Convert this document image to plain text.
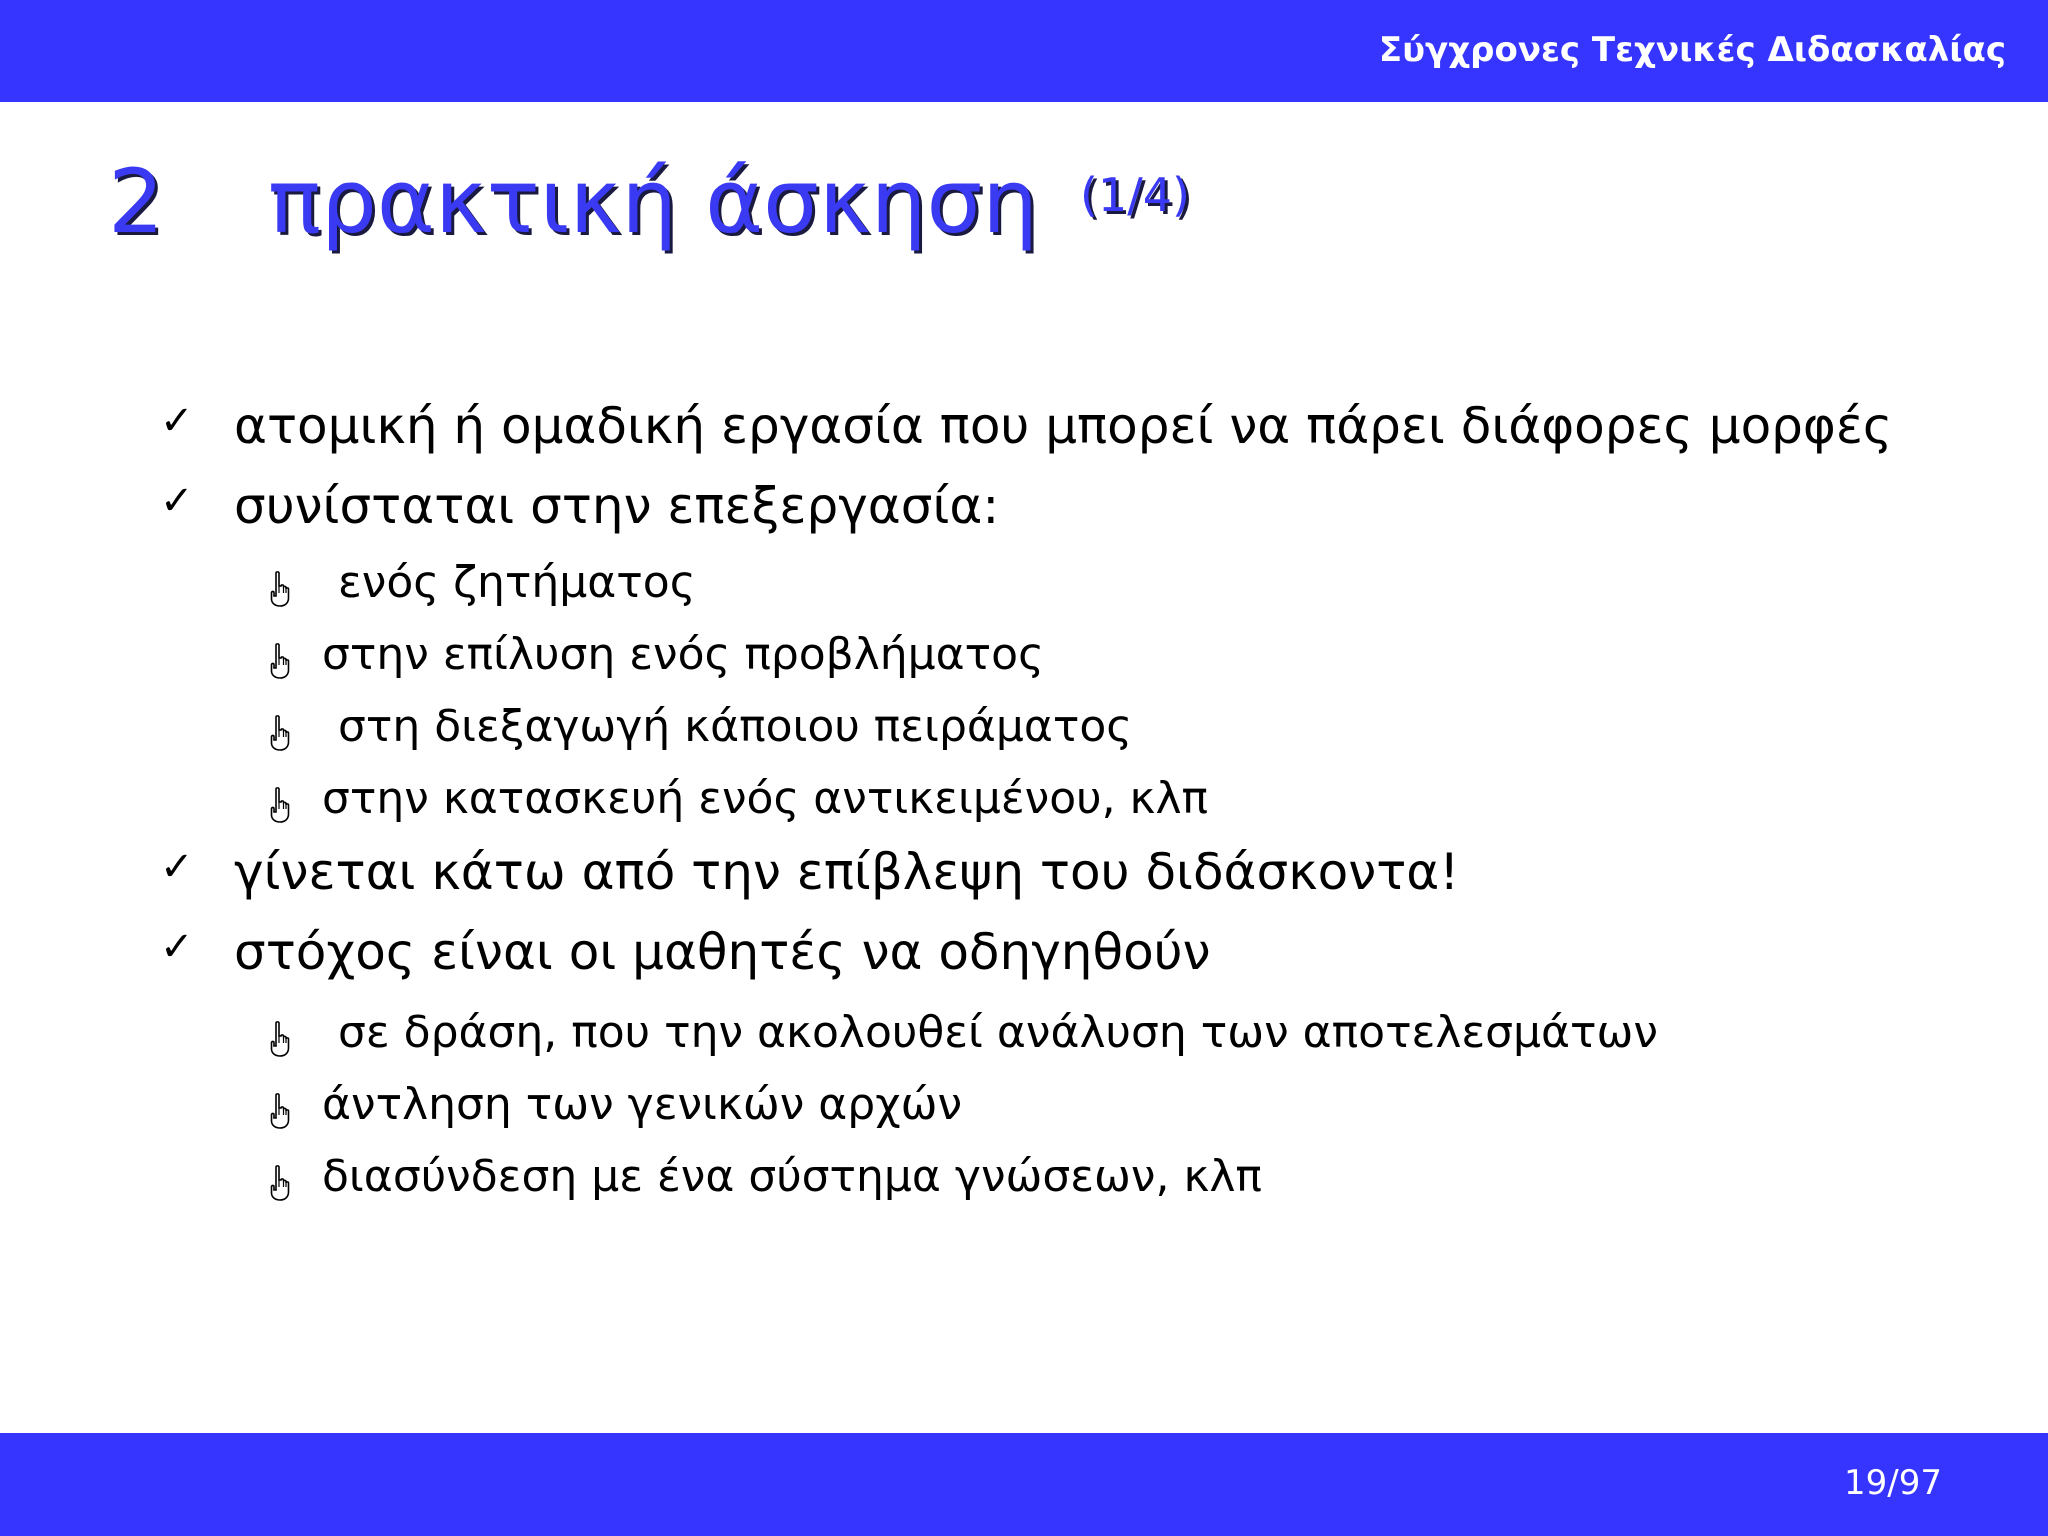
Σύγχρονες Τεχνικές Διδασκαλίας
2 πρακτική άσκηση (1/4)
✓ ατομική ή ομαδική εργασία που μπορεί να πάρει διάφορες μορφές
✓ συνίσταται στην επεξεργασία:
ενός ζητήματος
στην επίλυση ενός προβλήματος
στη διεξαγωγή κάποιου πειράματος
στην κατασκευή ενός αντικειμένου, κλπ
✓ γίνεται κάτω από την επίβλεψη του διδάσκοντα!
✓ στόχος είναι οι μαθητές να οδηγηθούν
σε δράση, που την ακολουθεί ανάλυση των αποτελεσμάτων
άντληση των γενικών αρχών
διασύνδεση με ένα σύστημα γνώσεων, κλπ
19/97
